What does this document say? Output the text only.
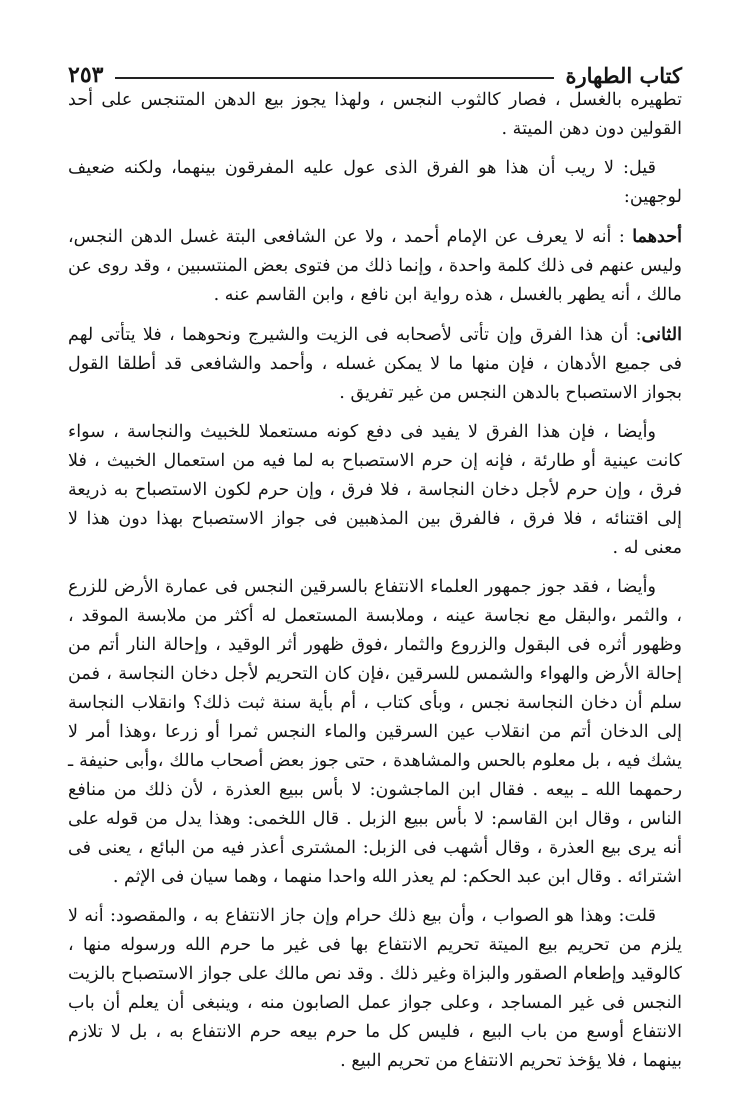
كتاب الطهارة
٢٥٣

تطهيره بالغسل ، فصار كالثوب النجس ، ولهذا يجوز بيع الدهن المتنجس على أحد القولين دون دهن الميتة .

قيل: لا ريب أن هذا هو الفرق الذى عول عليه المفرقون بينهما، ولكنه ضعيف لوجهين:

أحدهما : أنه لا يعرف عن الإمام أحمد ، ولا عن الشافعى البتة غسل الدهن النجس، وليس عنهم فى ذلك كلمة واحدة ، وإنما ذلك من فتوى بعض المنتسبين ، وقد روى عن مالك ، أنه يطهر بالغسل ، هذه رواية ابن نافع ، وابن القاسم عنه .

الثانى: أن هذا الفرق وإن تأتى لأصحابه فى الزيت والشيرج ونحوهما ، فلا يتأتى لهم فى جميع الأدهان ، فإن منها ما لا يمكن غسله ، وأحمد والشافعى قد أطلقا القول بجواز الاستصباح بالدهن النجس من غير تفريق .

وأيضا ، فإن هذا الفرق لا يفيد فى دفع كونه مستعملا للخبيث والنجاسة ، سواء كانت عينية أو طارئة ، فإنه إن حرم الاستصباح به لما فيه من استعمال الخبيث ، فلا فرق ، وإن حرم لأجل دخان النجاسة ، فلا فرق ، وإن حرم لكون الاستصباح به ذريعة إلى اقتنائه ، فلا فرق ، فالفرق بين المذهبين فى جواز الاستصباح بهذا دون هذا لا معنى له .

وأيضا ، فقد جوز جمهور العلماء الانتفاع بالسرقين النجس فى عمارة الأرض للزرع ، والثمر ،والبقل مع نجاسة عينه ، وملابسة المستعمل له أكثر من ملابسة الموقد ، وظهور أثره فى البقول والزروع والثمار ،فوق ظهور أثر الوقيد ، وإحالة النار أتم من إحالة الأرض والهواء والشمس للسرقين ،فإن كان التحريم لأجل دخان النجاسة ، فمن سلم أن دخان النجاسة نجس ، وبأى كتاب ، أم بأية سنة ثبت ذلك؟ وانقلاب النجاسة إلى الدخان أتم من انقلاب عين السرقين والماء النجس ثمرا أو زرعا ،وهذا أمر لا يشك فيه ، بل معلوم بالحس والمشاهدة ، حتى جوز بعض أصحاب مالك ،وأبى حنيفة ـ رحمهما الله ـ بيعه . فقال ابن الماجشون: لا بأس ببيع العذرة ، لأن ذلك من منافع الناس ، وقال ابن القاسم: لا بأس ببيع الزبل . قال اللخمى: وهذا يدل من قوله على أنه يرى بيع العذرة ، وقال أشهب فى الزبل: المشترى أعذر فيه من البائع ، يعنى فى اشترائه . وقال ابن عبد الحكم: لم يعذر الله واحدا منهما ، وهما سيان فى الإثم .

قلت: وهذا هو الصواب ، وأن بيع ذلك حرام وإن جاز الانتفاع به ، والمقصود: أنه لا يلزم من تحريم بيع الميتة تحريم الانتفاع بها فى غير ما حرم الله ورسوله منها ، كالوقيد وإطعام الصقور والبزاة وغير ذلك . وقد نص مالك على جواز الاستصباح بالزيت النجس فى غير المساجد ، وعلى جواز عمل الصابون منه ، وينبغى أن يعلم أن باب الانتفاع أوسع من باب البيع ، فليس كل ما حرم بيعه حرم الانتفاع به ، بل لا تلازم بينهما ، فلا يؤخذ تحريم الانتفاع من تحريم البيع .
